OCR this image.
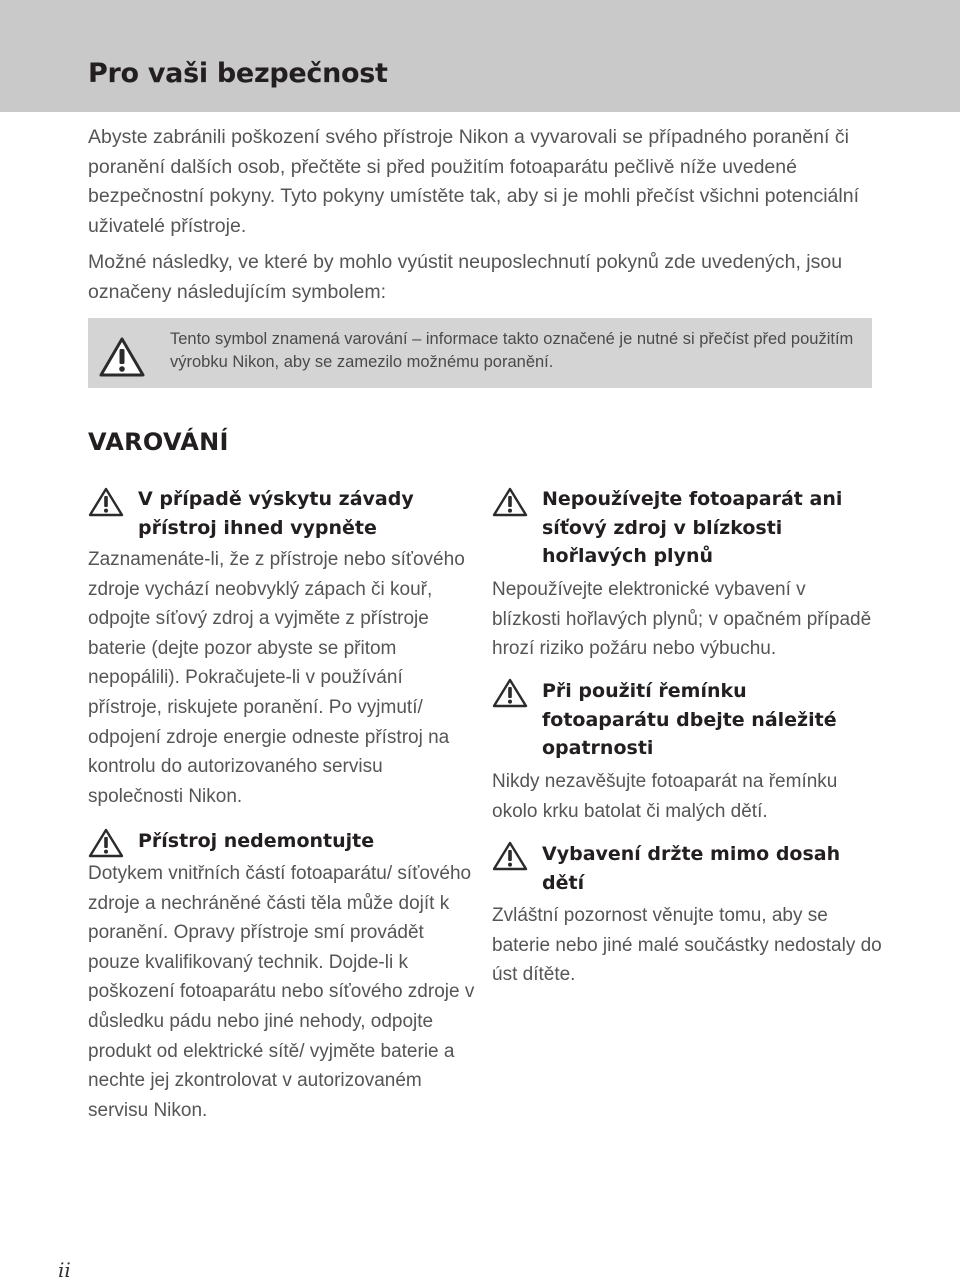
Pro vaši bezpečnost

Abyste zabránili poškození svého přístroje Nikon a vyvarovali se případného poranění či poranění dalších osob, přečtěte si před použitím fotoaparátu pečlivě níže uvedené bezpečnostní pokyny. Tyto pokyny umístěte tak, aby si je mohli přečíst všichni potenciální uživatelé přístroje.

Možné následky, ve které by mohlo vyústit neuposlechnutí pokynů zde uvedených, jsou označeny následujícím symbolem:

Tento symbol znamená varování – informace takto označené je nutné si přečíst před použitím výrobku Nikon, aby se zamezilo možnému poranění.

VAROVÁNÍ
V případě výskytu závady přístroj ihned vypněte

Zaznamenáte-li, že z přístroje nebo síťového zdroje vychází neobvyklý zápach či kouř, odpojte síťový zdroj a vyjměte z přístroje baterie (dejte pozor abyste se přitom nepopálili). Pokračujete-li v používání přístroje, riskujete poranění. Po vyjmutí/ odpojení zdroje energie odneste přístroj na kontrolu do autorizovaného servisu společnosti Nikon.

Přístroj nedemontujte

Dotykem vnitřních částí fotoaparátu/ síťového zdroje a nechráněné části těla může dojít k poranění. Opravy přístroje smí provádět pouze kvalifikovaný technik. Dojde-li k poškození fotoaparátu nebo síťového zdroje v důsledku pádu nebo jiné nehody, odpojte produkt od elektrické sítě/ vyjměte baterie a nechte jej zkontrolovat v autorizovaném servisu Nikon.

Nepoužívejte fotoaparát ani síťový zdroj v blízkosti hořlavých plynů

Nepoužívejte elektronické vybavení v blízkosti hořlavých plynů; v opačném případě hrozí riziko požáru nebo výbuchu.

Při použití řemínku fotoaparátu dbejte náležité opatrnosti

Nikdy nezavěšujte fotoaparát na řemínku okolo krku batolat či malých dětí.

Vybavení držte mimo dosah dětí

Zvláštní pozornost věnujte tomu, aby se baterie nebo jiné malé součástky nedostaly do úst dítěte.

ii
